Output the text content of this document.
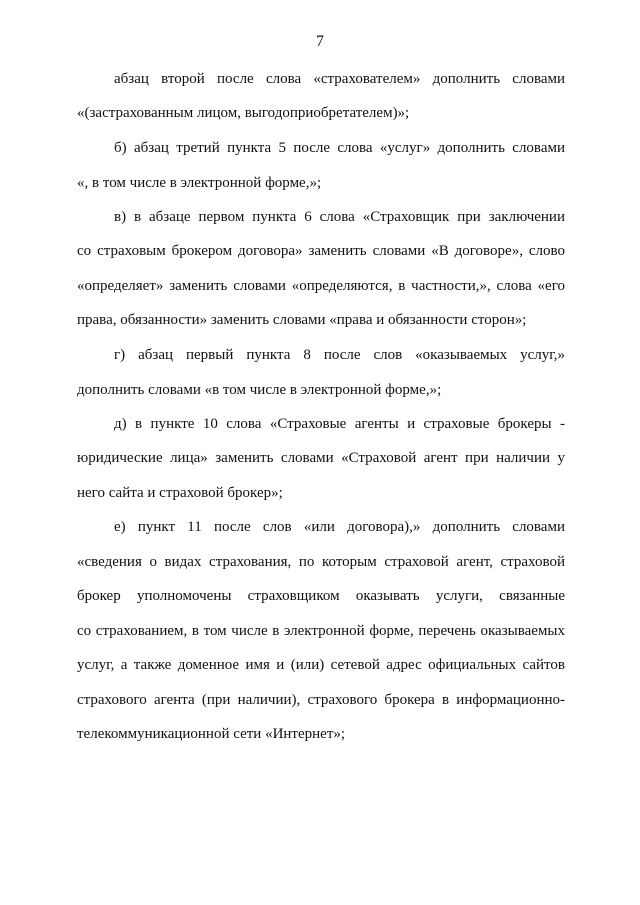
7
абзац второй после слова «страхователем» дополнить словами
«(застрахованным лицом, выгодоприобретателем)»;
б) абзац третий пункта 5 после слова «услуг» дополнить словами
«, в том числе в электронной форме,»;
в) в абзаце первом пункта 6 слова «Страховщик при заключении
со страховым брокером договора» заменить словами «В договоре», слово
«определяет» заменить словами «определяются, в частности,», слова «его
права, обязанности» заменить словами «права и обязанности сторон»;
г) абзац первый пункта 8 после слов «оказываемых услуг,»
дополнить словами «в том числе в электронной форме,»;
д) в пункте 10 слова «Страховые агенты и страховые брокеры -
юридические лица» заменить словами «Страховой агент при наличии у
него сайта и страховой брокер»;
е) пункт 11 после слов «или договора),» дополнить словами
«сведения о видах страхования, по которым страховой агент, страховой
брокер уполномочены страховщиком оказывать услуги, связанные
со страхованием, в том числе в электронной форме, перечень оказываемых
услуг, а также доменное имя и (или) сетевой адрес официальных сайтов
страхового агента (при наличии), страхового брокера в информационно-
телекоммуникационной сети «Интернет»;
